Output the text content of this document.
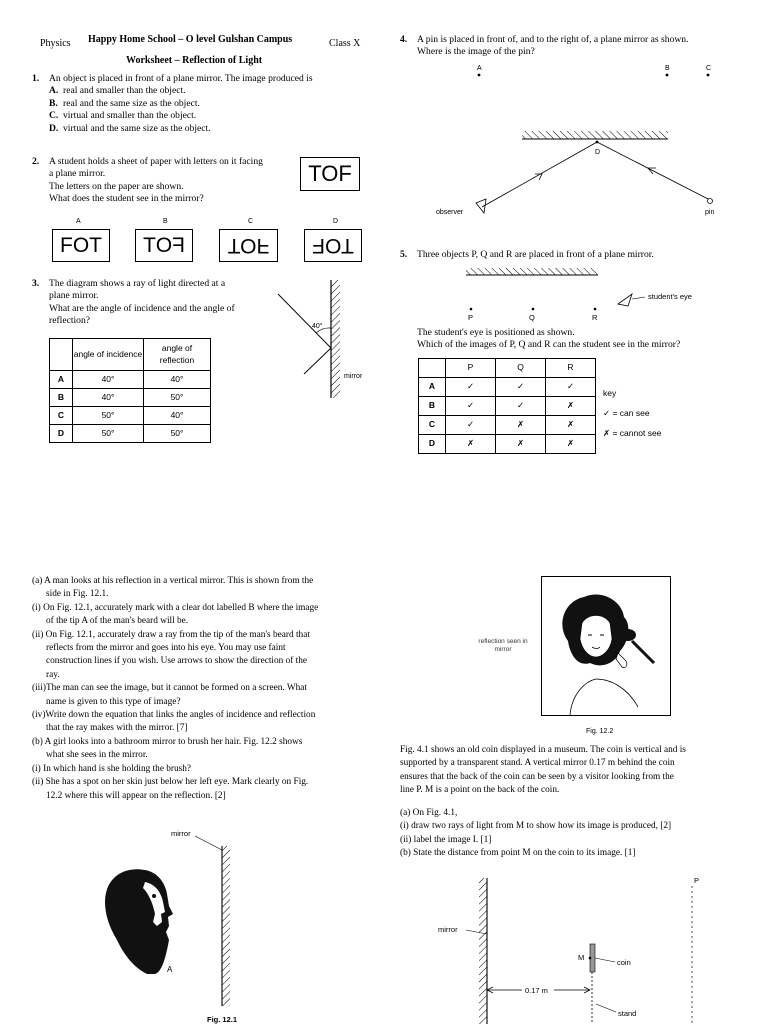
Physics Happy Home School – O level Gulshan Campus	Class X
Worksheet – Reflection of Light
1. An object is placed in front of a plane mirror. The image produced is
A. real and smaller than the object.
B. real and the same size as the object.
C. virtual and smaller than the object.
D. virtual and the same size as the object.
2. A student holds a sheet of paper with letters on it facing
a plane mirror.
The letters on the paper are shown.
What does the student see in the mirror?
TOF
A	B	C	D
FOT	FOT	TOF	TOF
3. The diagram shows a ray of light directed at a
plane mirror.
What are the angle of incidence and the angle of
reflection?
	angle of incidence	angle of reflection
A	40°	40°
B	40°	50°
C	50°	40°
D	50°	50°
40°
mirror
4. A pin is placed in front of, and to the right of, a plane mirror as shown.
Where is the image of the pin?
A	B	C
D
observer	pin
5. Three objects P, Q and R are placed in front of a plane mirror.
P	Q	R
student's eye
The student's eye is positioned as shown.
Which of the images of P, Q and R can the student see in the mirror?
	P	Q	R
A	✓	✓	✓
B	✓	✓	✗
C	✓	✗	✗
D	✗	✗	✗
key
✓ = can see
✗ = cannot see
(a) A man looks at his reflection in a vertical mirror. This is shown from the
side in Fig. 12.1.
(i) On Fig. 12.1, accurately mark with a clear dot labelled B where the image
of the tip A of the man's beard will be.
(ii) On Fig. 12.1, accurately draw a ray from the tip of the man's beard that
reflects from the mirror and goes into his eye. You may use faint
construction lines if you wish. Use arrows to show the direction of the
ray.
(iii)The man can see the image, but it cannot be formed on a screen. What
name is given to this type of image?
(iv)Write down the equation that links the angles of incidence and reflection
that the ray makes with the mirror. [7]
(b) A girl looks into a bathroom mirror to brush her hair. Fig. 12.2 shows
what she sees in the mirror.
(i) In which hand is she holding the brush?
(ii) She has a spot on her skin just below her left eye. Mark clearly on Fig.
12.2 where this will appear on the reflection. [2]
mirror
A
Fig. 12.1
reflection seen in mirror
Fig. 12.2
Fig. 4.1 shows an old coin displayed in a museum. The coin is vertical and is
supported by a transparent stand. A vertical mirror 0.17 m behind the coin
ensures that the back of the coin can be seen by a visitor looking from the
line P. M is a point on the back of the coin.
(a) On Fig. 4.1,
(i) draw two rays of light from M to show how its image is produced, [2]
(ii) label the image I. [1]
(b) State the distance from point M on the coin to its image. [1]
mirror
M
coin
0.17 m
stand
P
